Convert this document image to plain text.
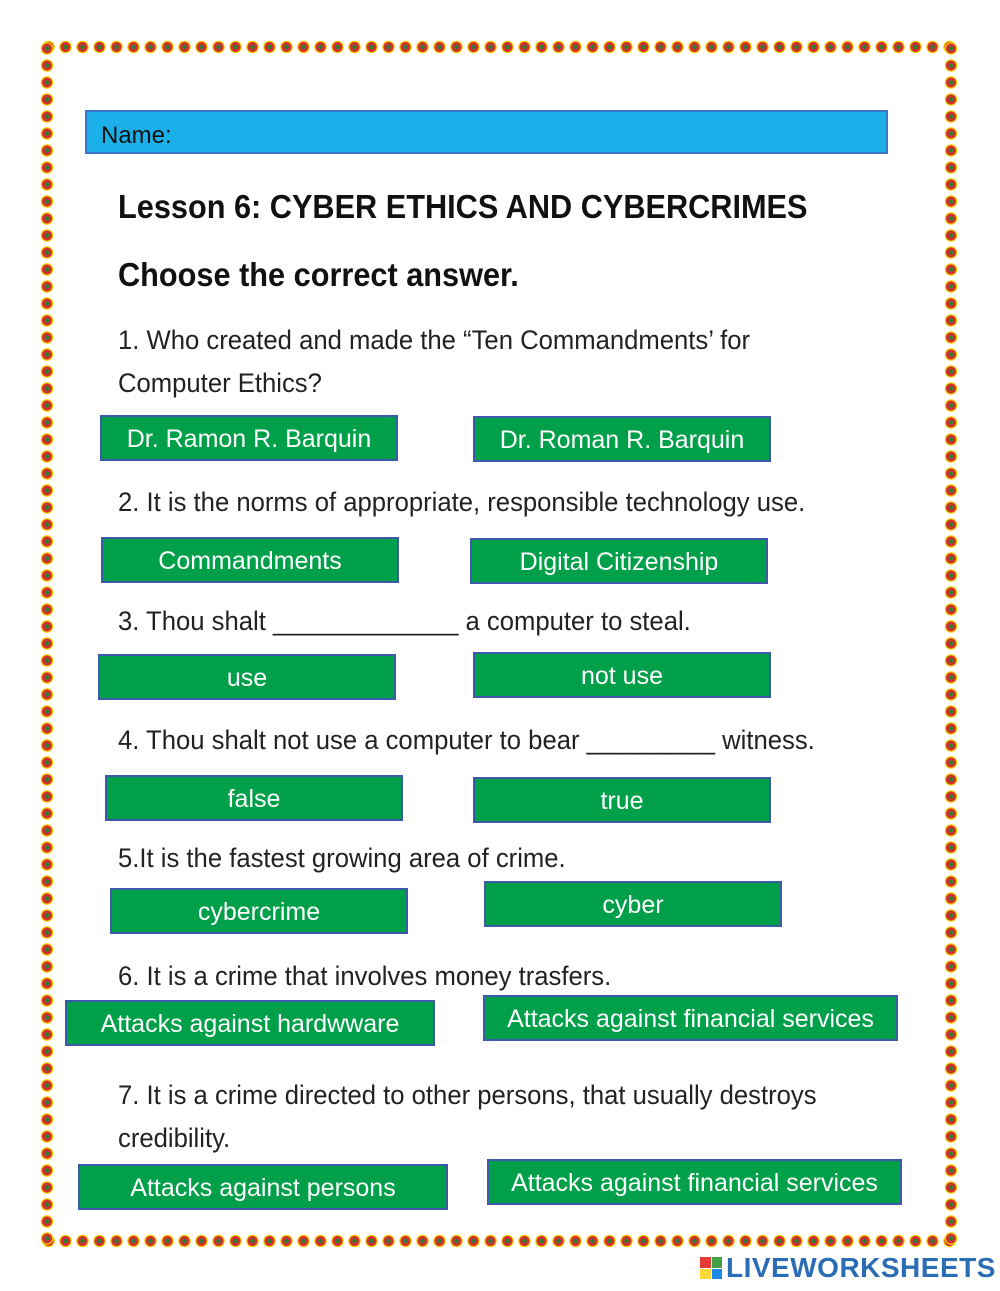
Name:
Lesson 6: CYBER ETHICS AND CYBERCRIMES
Choose the correct answer.
1. Who created and made the “Ten Commandments’ for Computer Ethics?
Dr. Ramon R. Barquin	Dr. Roman R. Barquin
2. It is the norms of appropriate, responsible technology use.
Commandments	Digital Citizenship
3. Thou shalt _____________ a computer to steal.
use	not use
4. Thou shalt not use a computer to bear _________ witness.
false	true
5.It is the fastest growing area of crime.
cybercrime	cyber
6. It is a crime that involves money trasfers.
Attacks against hardwware	Attacks against financial services
7. It is a crime directed to other persons, that usually destroys credibility.
Attacks against persons	Attacks against financial services
LIVEWORKSHEETS
